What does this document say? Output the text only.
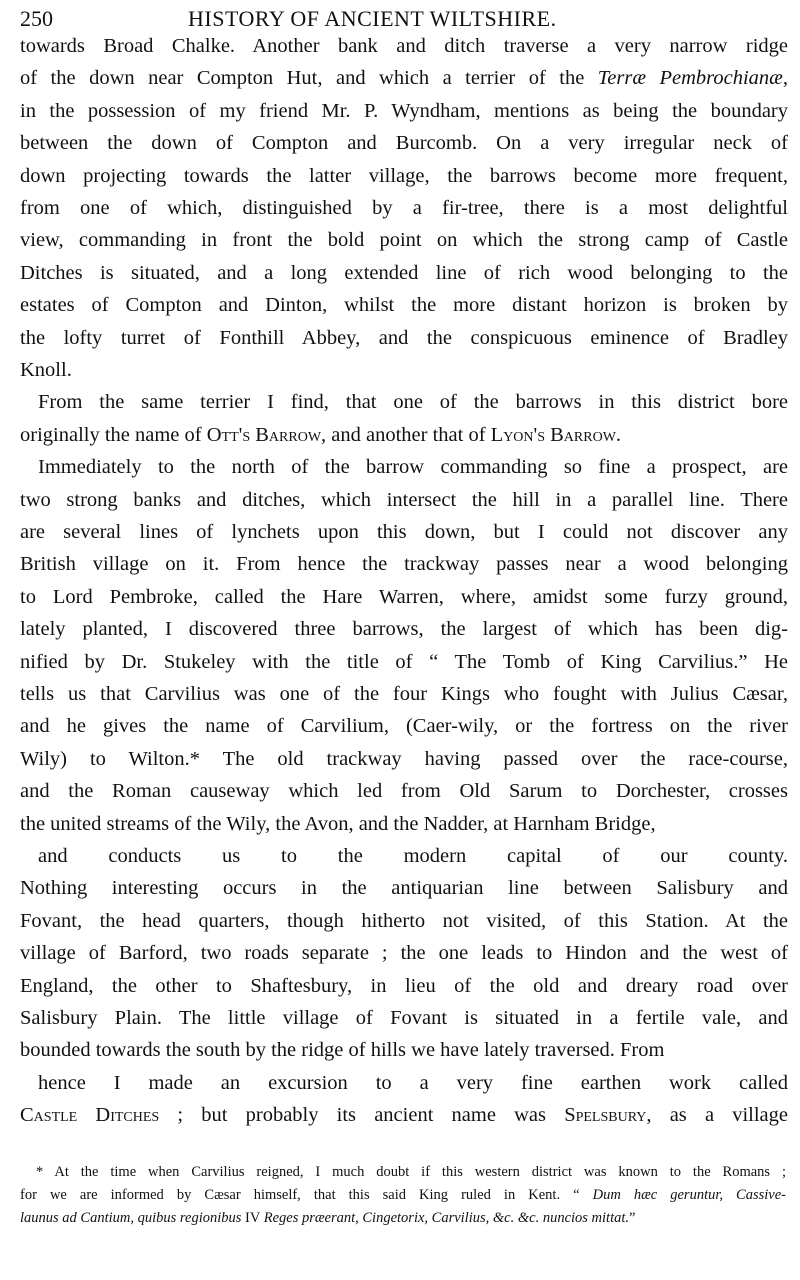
250	HISTORY OF ANCIENT WILTSHIRE.
towards Broad Chalke. Another bank and ditch traverse a very narrow ridge
of the down near Compton Hut, and which a terrier of the Terræ Pembrochianæ,
in the possession of my friend Mr. P. Wyndham, mentions as being the boundary
between the down of Compton and Burcomb. On a very irregular neck of
down projecting towards the latter village, the barrows become more frequent,
from one of which, distinguished by a fir-tree, there is a most delightful
view, commanding in front the bold point on which the strong camp of Castle
Ditches is situated, and a long extended line of rich wood belonging to the
estates of Compton and Dinton, whilst the more distant horizon is broken by
the lofty turret of Fonthill Abbey, and the conspicuous eminence of Bradley
Knoll.
From the same terrier I find, that one of the barrows in this district bore
originally the name of Ott's Barrow, and another that of Lyon's Barrow.
Immediately to the north of the barrow commanding so fine a prospect, are
two strong banks and ditches, which intersect the hill in a parallel line. There
are several lines of lynchets upon this down, but I could not discover any
British village on it. From hence the trackway passes near a wood belonging
to Lord Pembroke, called the Hare Warren, where, amidst some furzy ground,
lately planted, I discovered three barrows, the largest of which has been dig-
nified by Dr. Stukeley with the title of “ The Tomb of King Carvilius.” He
tells us that Carvilius was one of the four Kings who fought with Julius Cæsar,
and he gives the name of Carvilium, (Caer-wily, or the fortress on the river
Wily) to Wilton.* The old trackway having passed over the race-course,
and the Roman causeway which led from Old Sarum to Dorchester, crosses
the united streams of the Wily, the Avon, and the Nadder, at Harnham Bridge,
and conducts us to the modern capital of our county.
Nothing interesting occurs in the antiquarian line between Salisbury and
Fovant, the head quarters, though hitherto not visited, of this Station. At the
village of Barford, two roads separate ; the one leads to Hindon and the west of
England, the other to Shaftesbury, in lieu of the old and dreary road over
Salisbury Plain. The little village of Fovant is situated in a fertile vale, and
bounded towards the south by the ridge of hills we have lately traversed. From
hence I made an excursion to a very fine earthen work called
Castle Ditches ; but probably its ancient name was Spelsbury, as a village
* At the time when Carvilius reigned, I much doubt if this western district was known to the Romans ;
for we are informed by Cæsar himself, that this said King ruled in Kent. “ Dum hæc geruntur, Cassive-
launus ad Cantium, quibus regionibus IV Reges præerant, Cingetorix, Carvilius, &c. &c. nuncios mittat.”
